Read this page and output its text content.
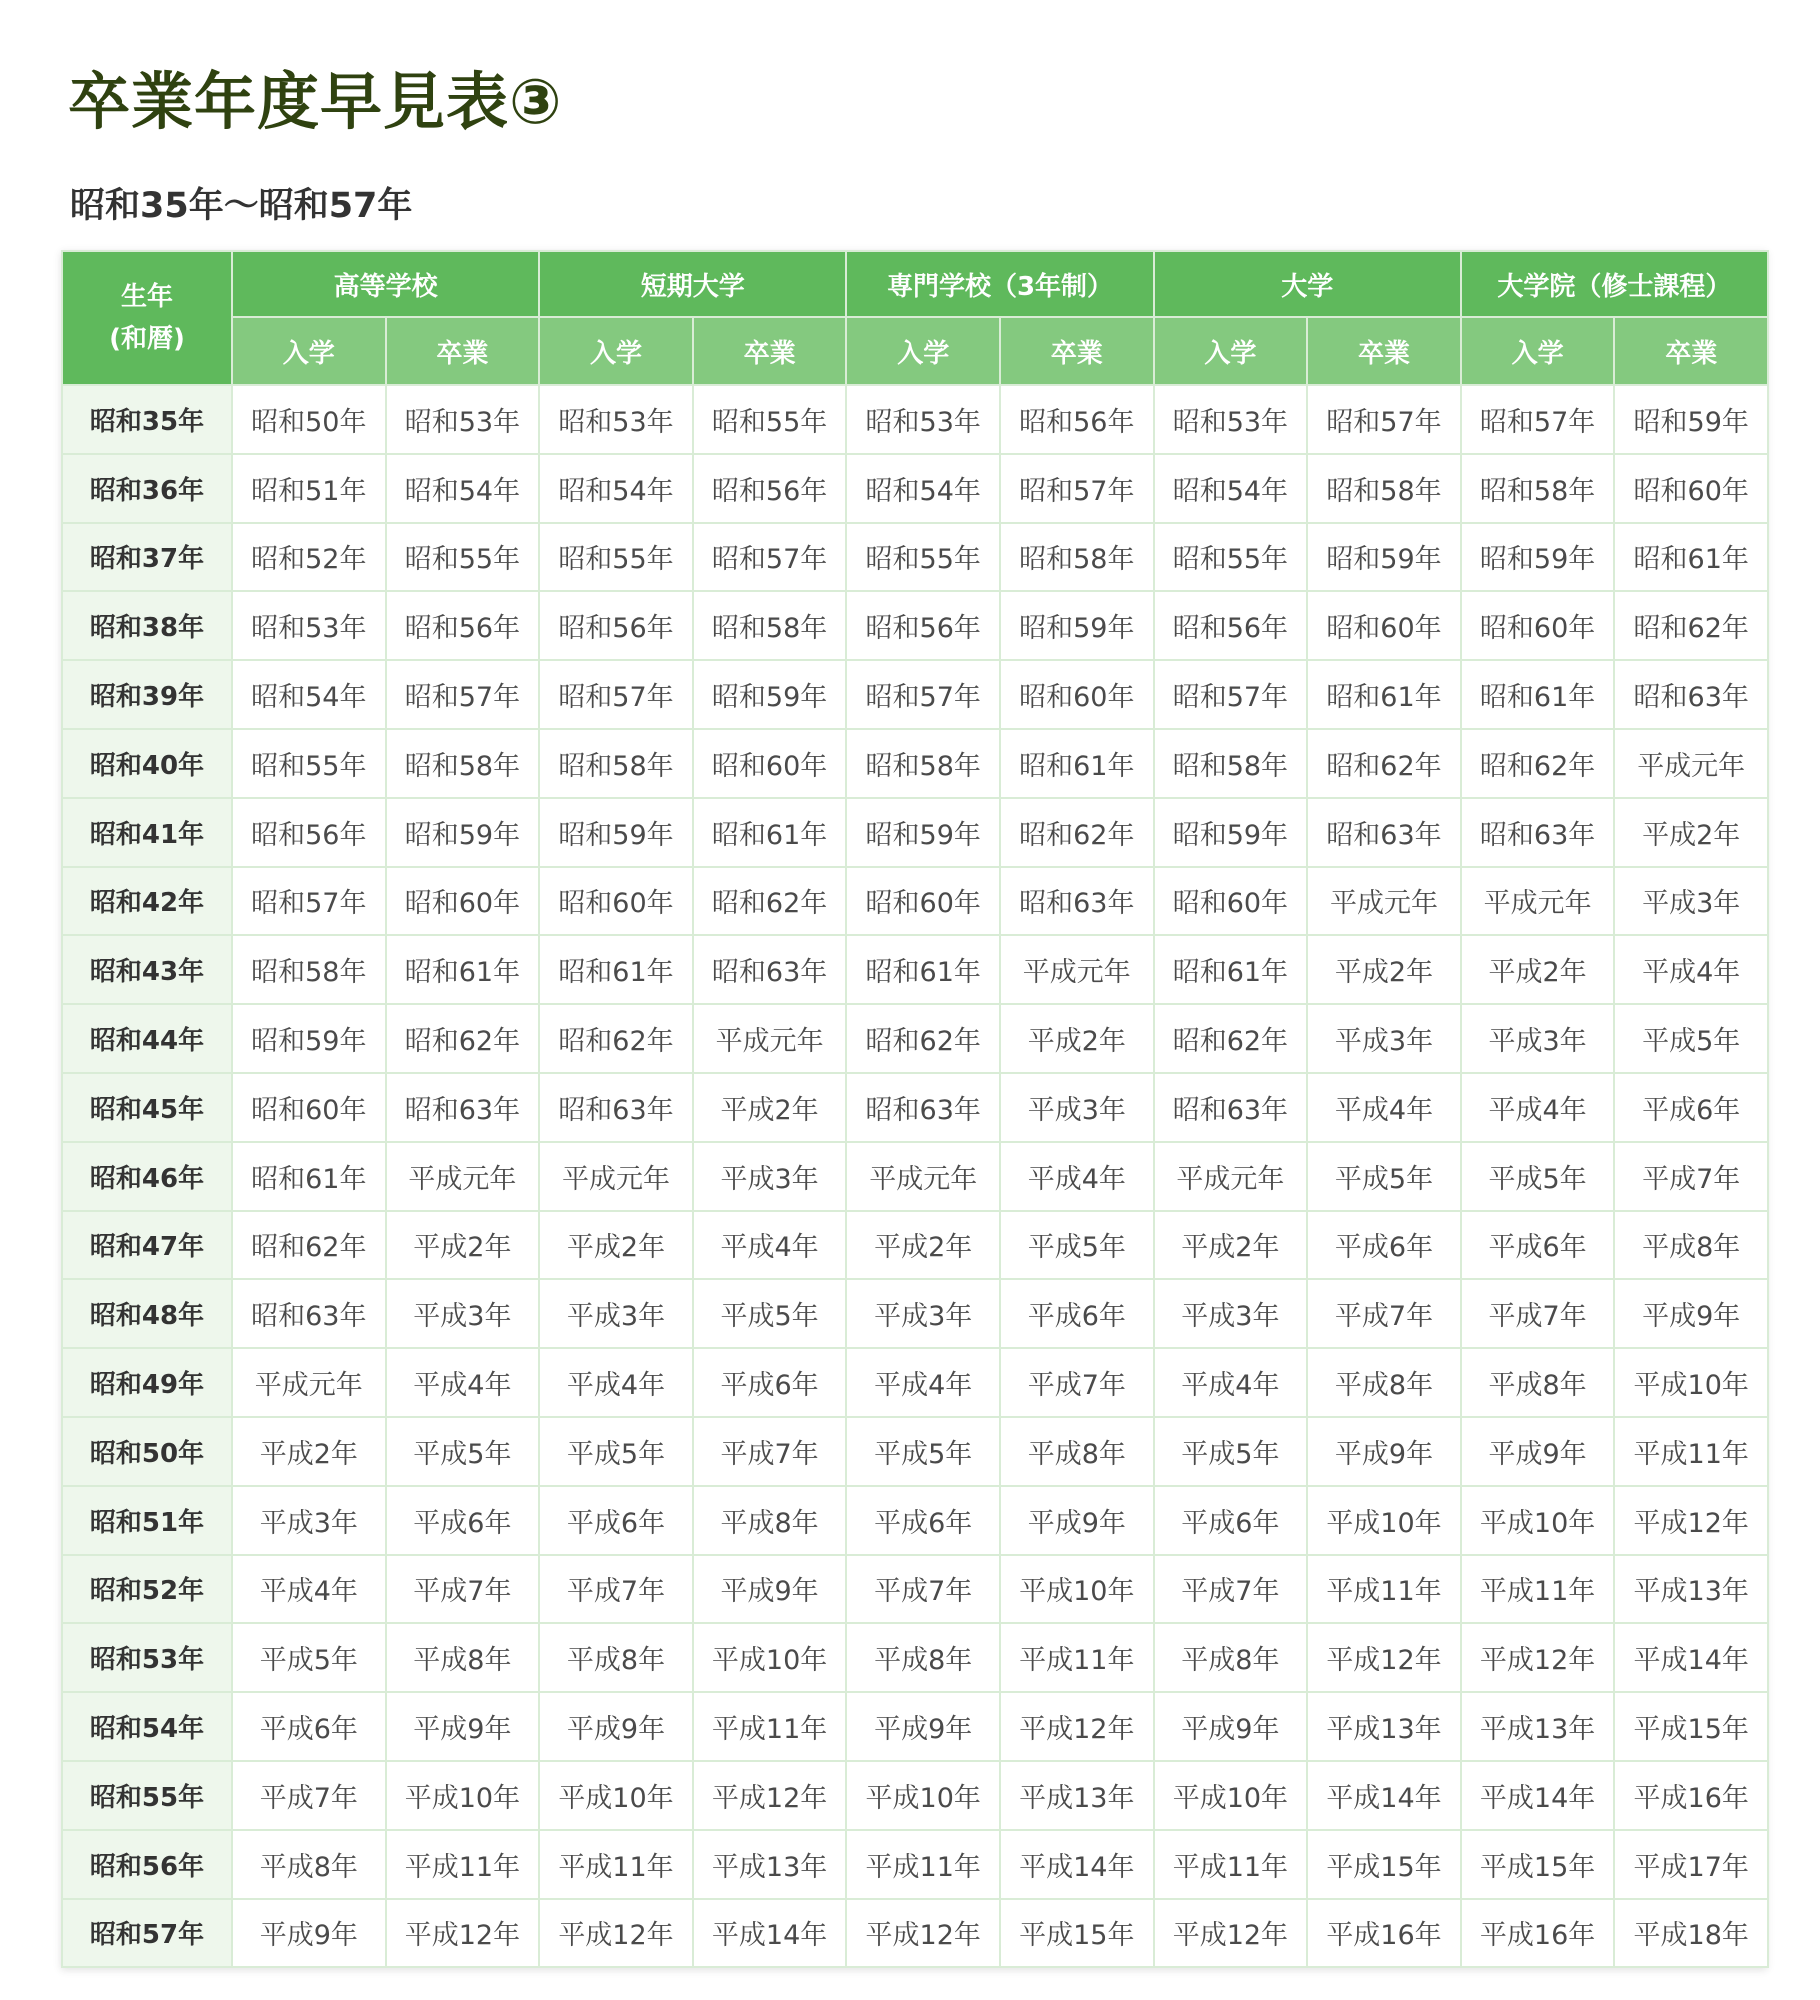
卒業年度早見表③
昭和35年～昭和57年
生年
(和暦)	高等学校		短期大学		専門学校（3年制）		大学		大学院（修士課程）	
	入学	卒業	入学	卒業	入学	卒業	入学	卒業	入学	卒業
昭和35年	昭和50年	昭和53年	昭和53年	昭和55年	昭和53年	昭和56年	昭和53年	昭和57年	昭和57年	昭和59年
昭和36年	昭和51年	昭和54年	昭和54年	昭和56年	昭和54年	昭和57年	昭和54年	昭和58年	昭和58年	昭和60年
昭和37年	昭和52年	昭和55年	昭和55年	昭和57年	昭和55年	昭和58年	昭和55年	昭和59年	昭和59年	昭和61年
昭和38年	昭和53年	昭和56年	昭和56年	昭和58年	昭和56年	昭和59年	昭和56年	昭和60年	昭和60年	昭和62年
昭和39年	昭和54年	昭和57年	昭和57年	昭和59年	昭和57年	昭和60年	昭和57年	昭和61年	昭和61年	昭和63年
昭和40年	昭和55年	昭和58年	昭和58年	昭和60年	昭和58年	昭和61年	昭和58年	昭和62年	昭和62年	平成元年
昭和41年	昭和56年	昭和59年	昭和59年	昭和61年	昭和59年	昭和62年	昭和59年	昭和63年	昭和63年	平成2年
昭和42年	昭和57年	昭和60年	昭和60年	昭和62年	昭和60年	昭和63年	昭和60年	平成元年	平成元年	平成3年
昭和43年	昭和58年	昭和61年	昭和61年	昭和63年	昭和61年	平成元年	昭和61年	平成2年	平成2年	平成4年
昭和44年	昭和59年	昭和62年	昭和62年	平成元年	昭和62年	平成2年	昭和62年	平成3年	平成3年	平成5年
昭和45年	昭和60年	昭和63年	昭和63年	平成2年	昭和63年	平成3年	昭和63年	平成4年	平成4年	平成6年
昭和46年	昭和61年	平成元年	平成元年	平成3年	平成元年	平成4年	平成元年	平成5年	平成5年	平成7年
昭和47年	昭和62年	平成2年	平成2年	平成4年	平成2年	平成5年	平成2年	平成6年	平成6年	平成8年
昭和48年	昭和63年	平成3年	平成3年	平成5年	平成3年	平成6年	平成3年	平成7年	平成7年	平成9年
昭和49年	平成元年	平成4年	平成4年	平成6年	平成4年	平成7年	平成4年	平成8年	平成8年	平成10年
昭和50年	平成2年	平成5年	平成5年	平成7年	平成5年	平成8年	平成5年	平成9年	平成9年	平成11年
昭和51年	平成3年	平成6年	平成6年	平成8年	平成6年	平成9年	平成6年	平成10年	平成10年	平成12年
昭和52年	平成4年	平成7年	平成7年	平成9年	平成7年	平成10年	平成7年	平成11年	平成11年	平成13年
昭和53年	平成5年	平成8年	平成8年	平成10年	平成8年	平成11年	平成8年	平成12年	平成12年	平成14年
昭和54年	平成6年	平成9年	平成9年	平成11年	平成9年	平成12年	平成9年	平成13年	平成13年	平成15年
昭和55年	平成7年	平成10年	平成10年	平成12年	平成10年	平成13年	平成10年	平成14年	平成14年	平成16年
昭和56年	平成8年	平成11年	平成11年	平成13年	平成11年	平成14年	平成11年	平成15年	平成15年	平成17年
昭和57年	平成9年	平成12年	平成12年	平成14年	平成12年	平成15年	平成12年	平成16年	平成16年	平成18年
